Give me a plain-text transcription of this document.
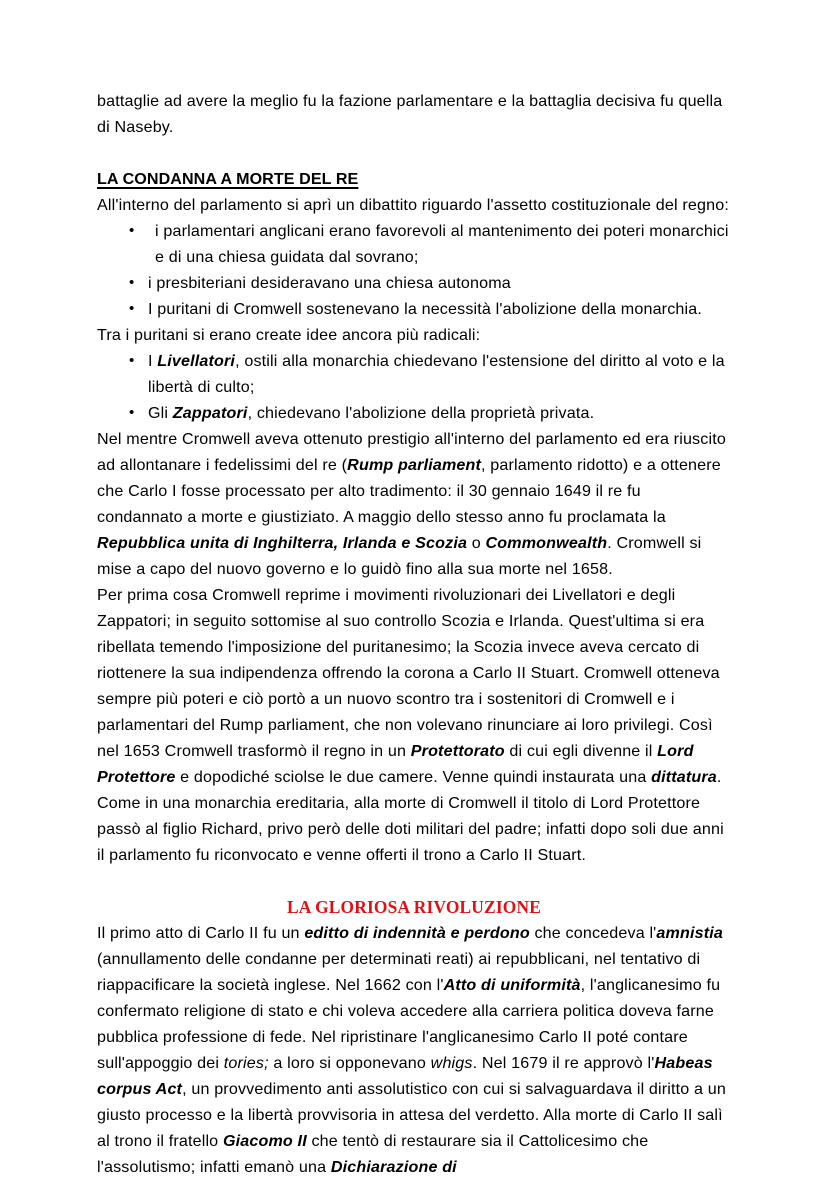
battaglie ad avere la meglio fu la fazione parlamentare e la battaglia decisiva fu quella di Naseby.

LA CONDANNA A MORTE DEL RE

All'interno del parlamento si aprì un dibattito riguardo l'assetto costituzionale del regno:

• i parlamentari anglicani erano favorevoli al mantenimento dei poteri monarchici e di una chiesa guidata dal sovrano;
• i presbiteriani desideravano una chiesa autonoma
• I puritani di Cromwell sostenevano la necessità l'abolizione della monarchia.

Tra i puritani si erano create idee ancora più radicali:

• I Livellatori, ostili alla monarchia chiedevano l'estensione del diritto al voto e la libertà di culto;
• Gli Zappatori, chiedevano l'abolizione della proprietà privata.

Nel mentre Cromwell aveva ottenuto prestigio all'interno del parlamento ed era riuscito ad allontanare i fedelissimi del re (Rump parliament, parlamento ridotto) e a ottenere che Carlo I fosse processato per alto tradimento: il 30 gennaio 1649 il re fu condannato a morte e giustiziato. A maggio dello stesso anno fu proclamata la Repubblica unita di Inghilterra, Irlanda e Scozia o Commonwealth. Cromwell si mise a capo del nuovo governo e lo guidò fino alla sua morte nel 1658.

Per prima cosa Cromwell reprime i movimenti rivoluzionari dei Livellatori e degli Zappatori; in seguito sottomise al suo controllo Scozia e Irlanda. Quest'ultima si era ribellata temendo l'imposizione del puritanesimo; la Scozia invece aveva cercato di riottenere la sua indipendenza offrendo la corona a Carlo II Stuart. Cromwell otteneva sempre più poteri e ciò portò a un nuovo scontro tra i sostenitori di Cromwell e i parlamentari del Rump parliament, che non volevano rinunciare ai loro privilegi. Così nel 1653 Cromwell trasformò il regno in un Protettorato di cui egli divenne il Lord Protettore e dopodiché sciolse le due camere. Venne quindi instaurata una dittatura. Come in una monarchia ereditaria, alla morte di Cromwell il titolo di Lord Protettore passò al figlio Richard, privo però delle doti militari del padre; infatti dopo soli due anni il parlamento fu riconvocato e venne offerti il trono a Carlo II Stuart.

LA GLORIOSA RIVOLUZIONE

Il primo atto di Carlo II fu un editto di indennità e perdono che concedeva l'amnistia (annullamento delle condanne per determinati reati) ai repubblicani, nel tentativo di riappacificare la società inglese. Nel 1662 con l'Atto di uniformità, l'anglicanesimo fu confermato religione di stato e chi voleva accedere alla carriera politica doveva farne pubblica professione di fede. Nel ripristinare l'anglicanesimo Carlo II poté contare sull'appoggio dei tories; a loro si opponevano whigs. Nel 1679 il re approvò l'Habeas corpus Act, un provvedimento anti assolutistico con cui si salvaguardava il diritto a un giusto processo e la libertà provvisoria in attesa del verdetto. Alla morte di Carlo II salì al trono il fratello Giacomo II che tentò di restaurare sia il Cattolicesimo che l'assolutismo; infatti emanò una Dichiarazione di
